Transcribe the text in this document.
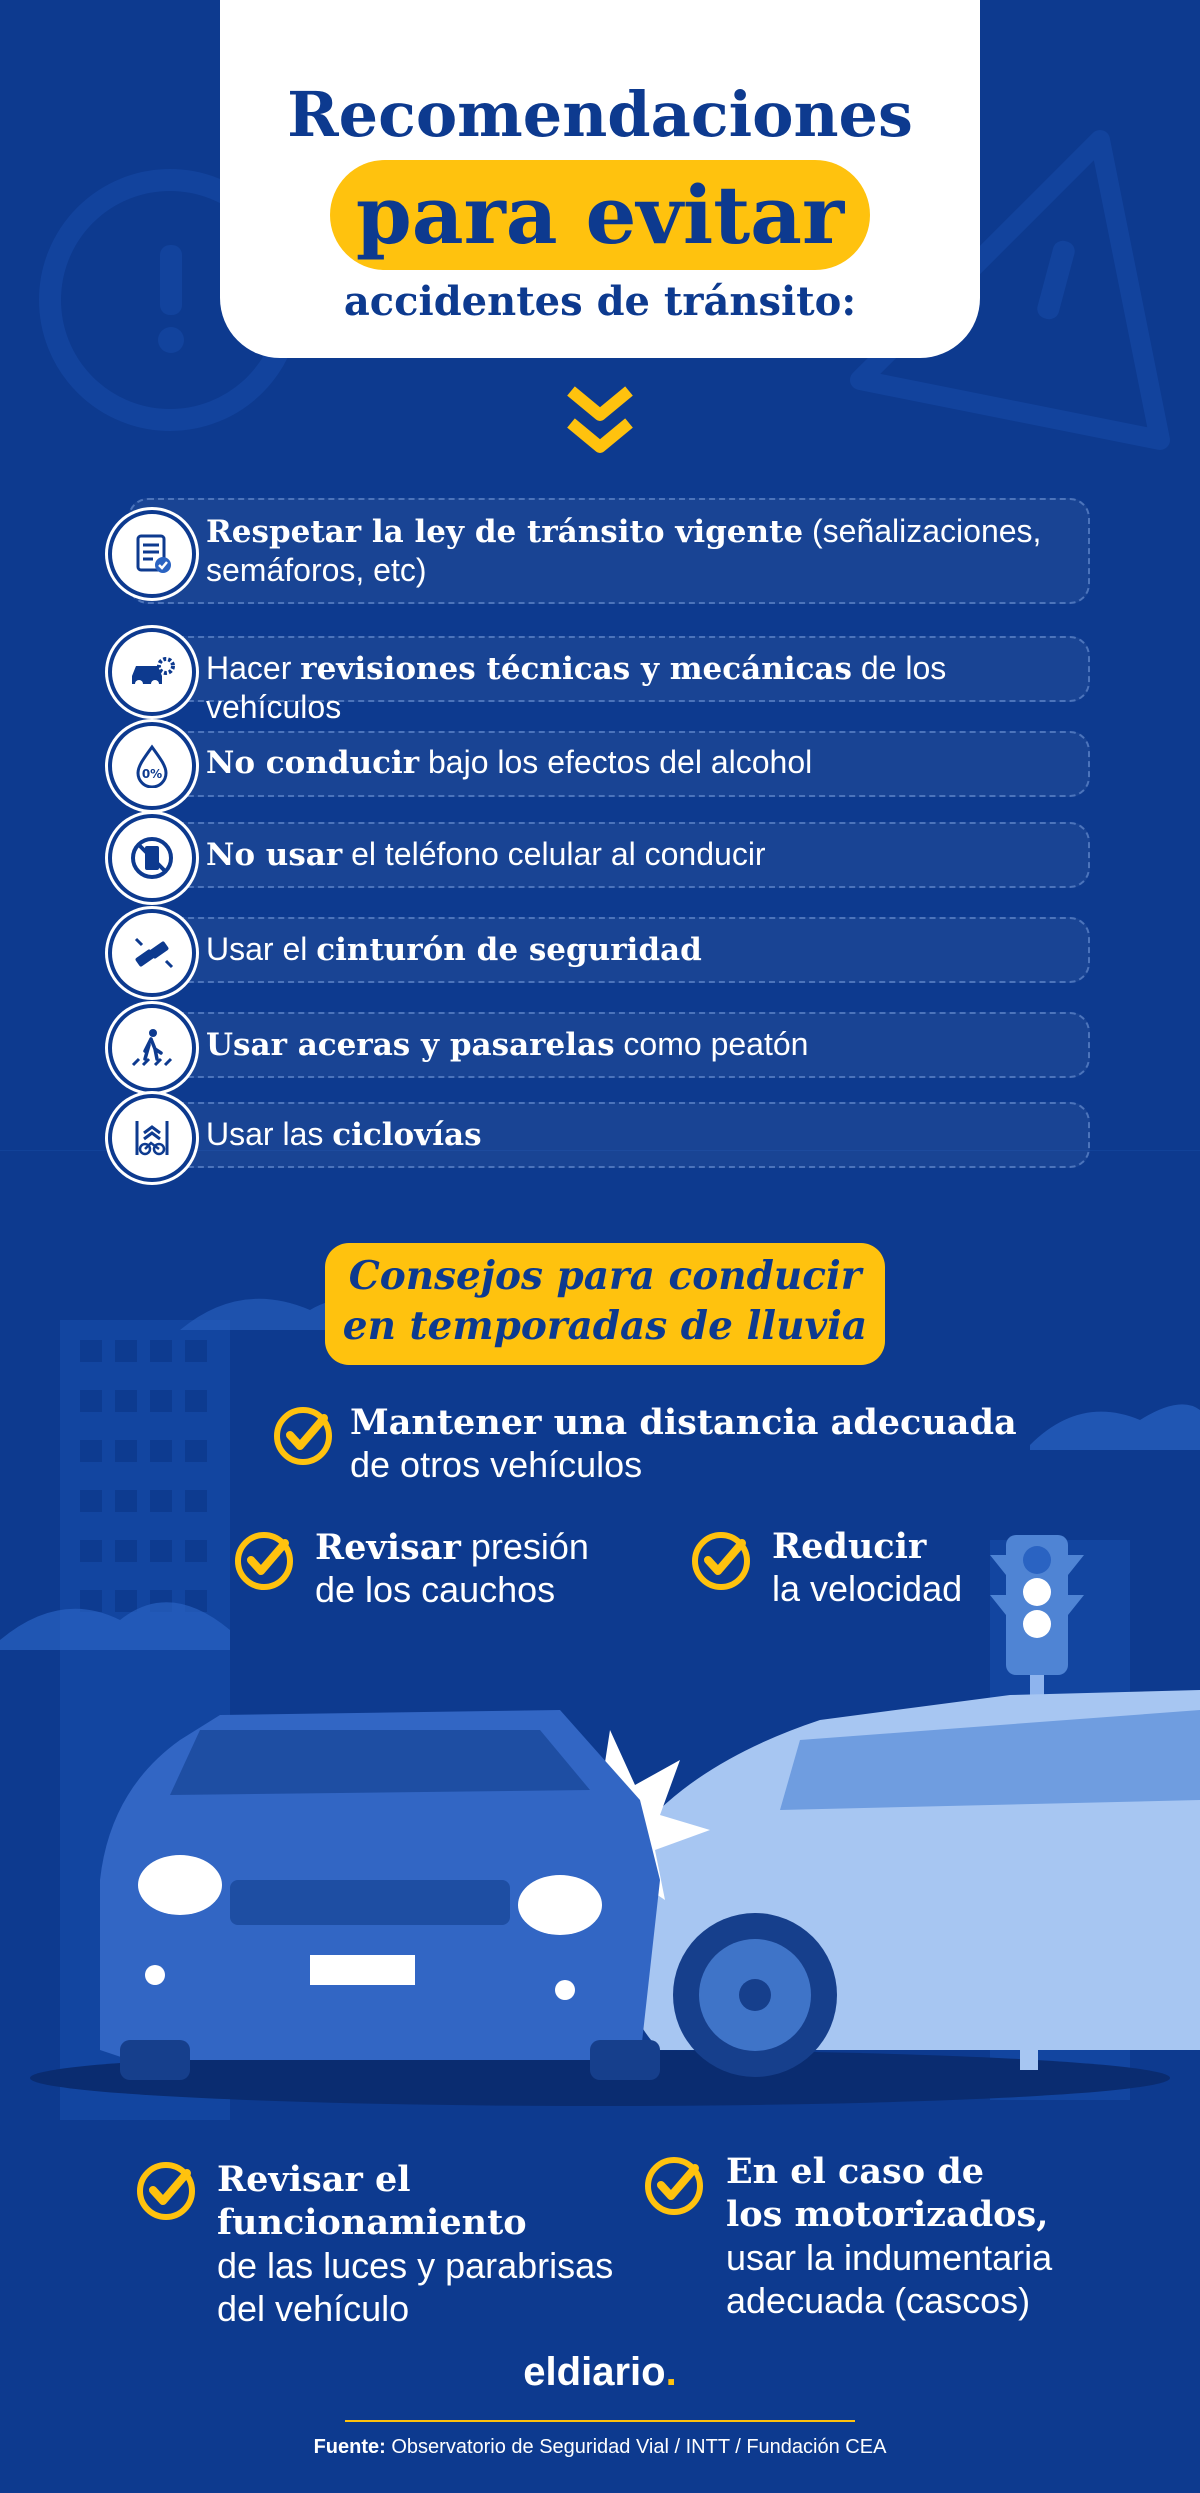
Recomendaciones
para evitar
accidentes de tránsito:
Respetar la ley de tránsito vigente (señalizaciones,
semáforos, etc)
Hacer revisiones técnicas y mecánicas de los vehículos
0% No conducir bajo los efectos del alcohol
No usar el teléfono celular al conducir
Usar el cinturón de seguridad
Usar aceras y pasarelas como peatón
Usar las ciclovías
Consejos para conducir
en temporadas de lluvia
Mantener una distancia adecuada
de otros vehículos
Revisar presión
de los cauchos
Reducir
la velocidad
Revisar el
funcionamiento
de las luces y parabrisas
del vehículo
En el caso de
los motorizados,
usar la indumentaria
adecuada (cascos)
eldiario.
Fuente: Observatorio de Seguridad Vial / INTT / Fundación CEA
